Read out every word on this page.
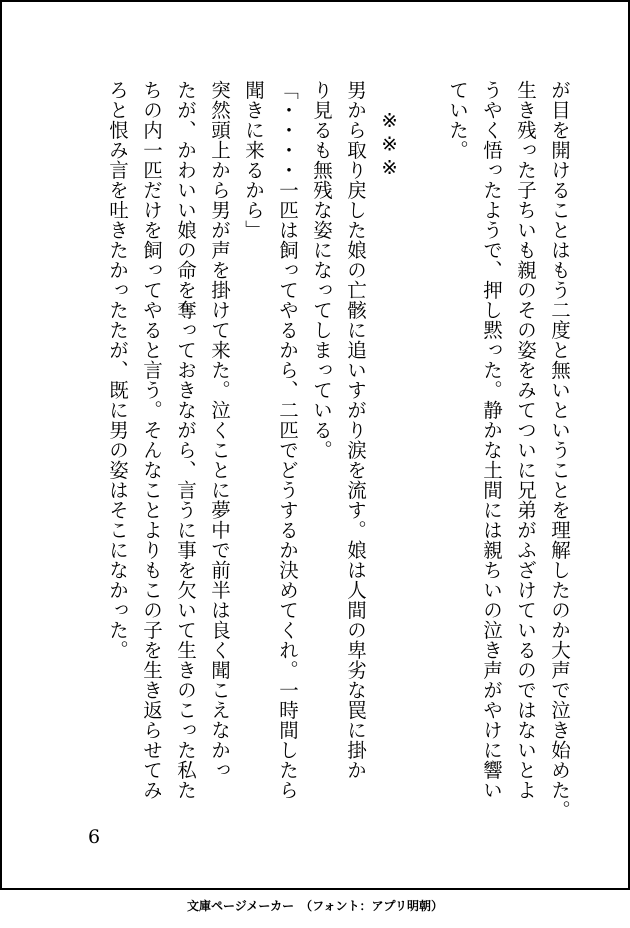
が目を開けることはもう二度と無いということを理解したのか大声で泣き始めた。
生き残った子ちいも親のその姿をみてついに兄弟がふざけているのではないとよ
うやく悟ったようで、押し黙った。静かな土間には親ちいの泣き声がやけに響い
ていた。

※※※
男から取り戻した娘の亡骸に追いすがり涙を流す。娘は人間の卑劣な罠に掛か
り見るも無残な姿になってしまっている。
「・・・・一匹は飼ってやるから、二匹でどうするか決めてくれ。一時間したら
聞きに来るから」
突然頭上から男が声を掛けて来た。泣くことに夢中で前半は良く聞こえなかっ
たが、かわいい娘の命を奪っておきながら、言うに事を欠いて生きのこった私た
ちの内一匹だけを飼ってやると言う。そんなことよりもこの子を生き返らせてみ
ろと恨み言を吐きたかったたが、既に男の姿はそこになかった。
6
文庫ページメーカー　（フォント：アプリ明朝）
